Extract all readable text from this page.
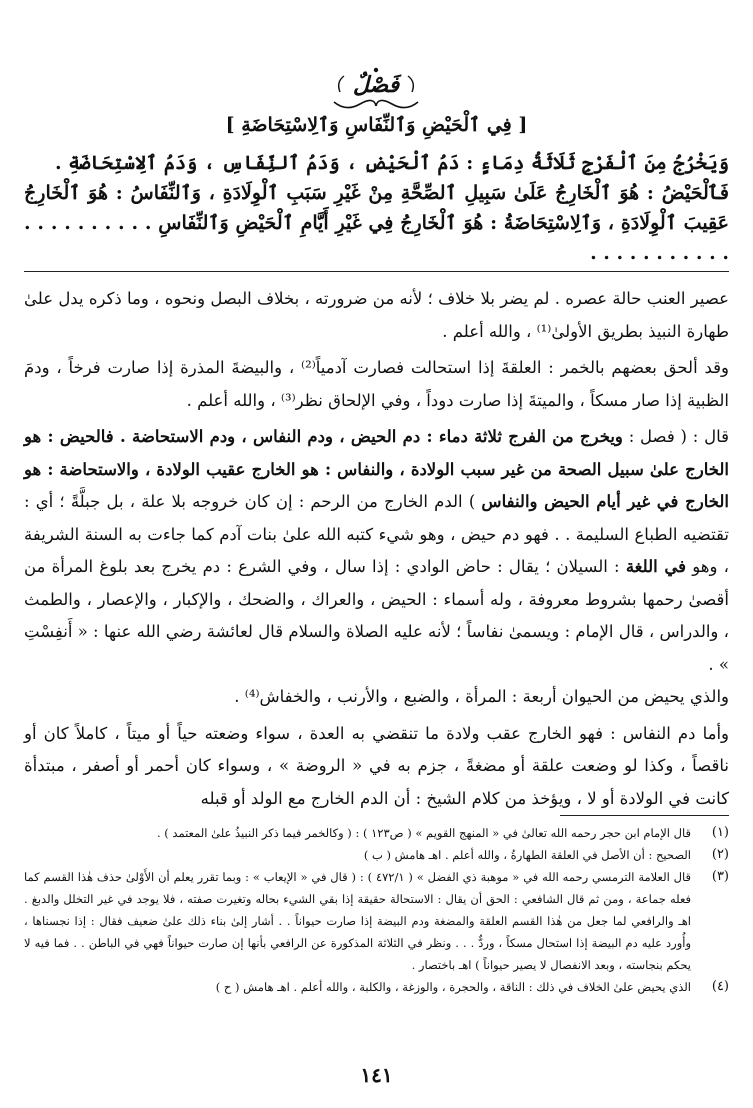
فَصْلٌ
[ فِي ٱلْحَيْضِ وَٱلنِّفَاسِ وَٱلِاسْتِحَاضَةِ ]

وَيَخْرُجُ مِنَ ٱلْفَرْجِ ثَلَاثَةُ دِمَاءٍ : دَمُ ٱلْحَيْضِ ، وَدَمُ ٱلنِّفَاسِ ، وَدَمُ ٱلِاسْتِحَاضَةِ .

فَٱلْحَيْضُ : هُوَ ٱلْخَارِجُ عَلَىٰ سَبِيلِ ٱلصِّحَّةِ مِنْ غَيْرِ سَبَبِ ٱلْوِلَادَةِ ، وَٱلنِّفَاسُ : هُوَ ٱلْخَارِجُ عَقِيبَ ٱلْوِلَادَةِ ، وَٱلِاسْتِحَاضَةُ : هُوَ ٱلْخَارِجُ فِي غَيْرِ أَيَّامِ ٱلْحَيْضِ وَٱلنِّفَاسِ . . . . . . . . . . . . . . . . . . . . .

عصير العنب حالة عصره . لم يضر بلا خلاف ؛ لأنه من ضرورته ، بخلاف البصل ونحوه ، وما ذكره يدل علىٰ طهارة النبيذ بطريق الأولىٰ⁽¹⁾ ، والله أعلم .

وقد ألحق بعضهم بالخمر : العلقةَ إذا استحالت فصارت آدمياً⁽²⁾ ، والبيضةَ المذرة إذا صارت فرخاً ، ودمَ الظبية إذا صار مسكاً ، والميتةَ إذا صارت دوداً ، وفي الإلحاق نظر⁽³⁾ ، والله أعلم .

قال : ( فصل : ويخرج من الفرج ثلاثة دماء : دم الحيض ، ودم النفاس ، ودم الاستحاضة . فالحيض : هو الخارج علىٰ سبيل الصحة من غير سبب الولادة ، والنفاس : هو الخارج عقيب الولادة ، والاستحاضة : هو الخارج في غير أيام الحيض والنفاس ) الدم الخارج من الرحم : إن كان خروجه بلا علة ، بل جبلَّةً ؛ أي : تقتضيه الطباع السليمة . . فهو دم حيض ، وهو شيء كتبه الله علىٰ بنات آدم كما جاءت به السنة الشريفة ، وهو في اللغة : السيلان ؛ يقال : حاض الوادي : إذا سال ، وفي الشرع : دم يخرج بعد بلوغ المرأة من أقصىٰ رحمها بشروط معروفة ، وله أسماء : الحيض ، والعراك ، والضحك ، والإكبار ، والإعصار ، والطمث ، والدراس ، قال الإمام : ويسمىٰ نفاساً ؛ لأنه عليه الصلاة والسلام قال لعائشة رضي الله عنها : « أَنفِسْتِ » .

والذي يحيض من الحيوان أربعة : المرأة ، والضبع ، والأرنب ، والخفاش⁽⁴⁾ .

وأما دم النفاس : فهو الخارج عقب ولادة ما تنقضي به العدة ، سواء وضعته حياً أو ميتاً ، كاملاً كان أو ناقصاً ، وكذا لو وضعت علقة أو مضغةً ، جزم به في « الروضة » ، وسواء كان أحمر أو أصفر ، مبتدأة كانت في الولادة أو لا ، ويؤخذ من كلام الشيخ : أن الدم الخارج مع الولد أو قبله

(١)
قال الإمام ابن حجر رحمه الله تعالىٰ في « المنهج القويم » ( ص١٢٣ ) : ( وكالخمر فيما ذكر النبيذُ علىٰ المعتمد ) .
(٢)
الصحيح : أن الأصل في العلقة الطهارةُ ، والله أعلم . اهـ هامش ( ب )
(٣)
قال العلامة الترمسي رحمه الله في « موهبة ذي الفضل » ( ٤٧٢/١ ) : ( قال في « الإيعاب » : وبما تقرر يعلم أن الأَوْلىٰ حذف هٰذا القسم كما فعله جماعة ، ومن ثم قال الشافعي : الحق أن يقال : الاستحالة حقيقة إذا بقي الشيء بحاله وتغيرت صفته ، فلا يوجد في غير التخلل والدبغ . اهـ والرافعي لما جعل من هٰذا القسم العلقة والمضغة ودم البيضة إذا صارت حيواناً . . أشار إلىٰ بناء ذلك علىٰ ضعيف فقال : إذا نجسناها ، وأُورد عليه دم البيضة إذا استحال مسكاً ، وردٌّ . . . ونظر في الثلاثة المذكورة عن الرافعي بأنها إن صارت حيواناً فهي في الباطن . . فما فيه لا يحكم بنجاسته ، وبعد الانفصال لا يصير حيواناً ) اهـ باختصار .
(٤)
الذي يحيض علىٰ الخلاف في ذلك : الناقة ، والحجرة ، والوزغة ، والكلبة ، والله أعلم . اهـ هامش ( ح )
١٤١
